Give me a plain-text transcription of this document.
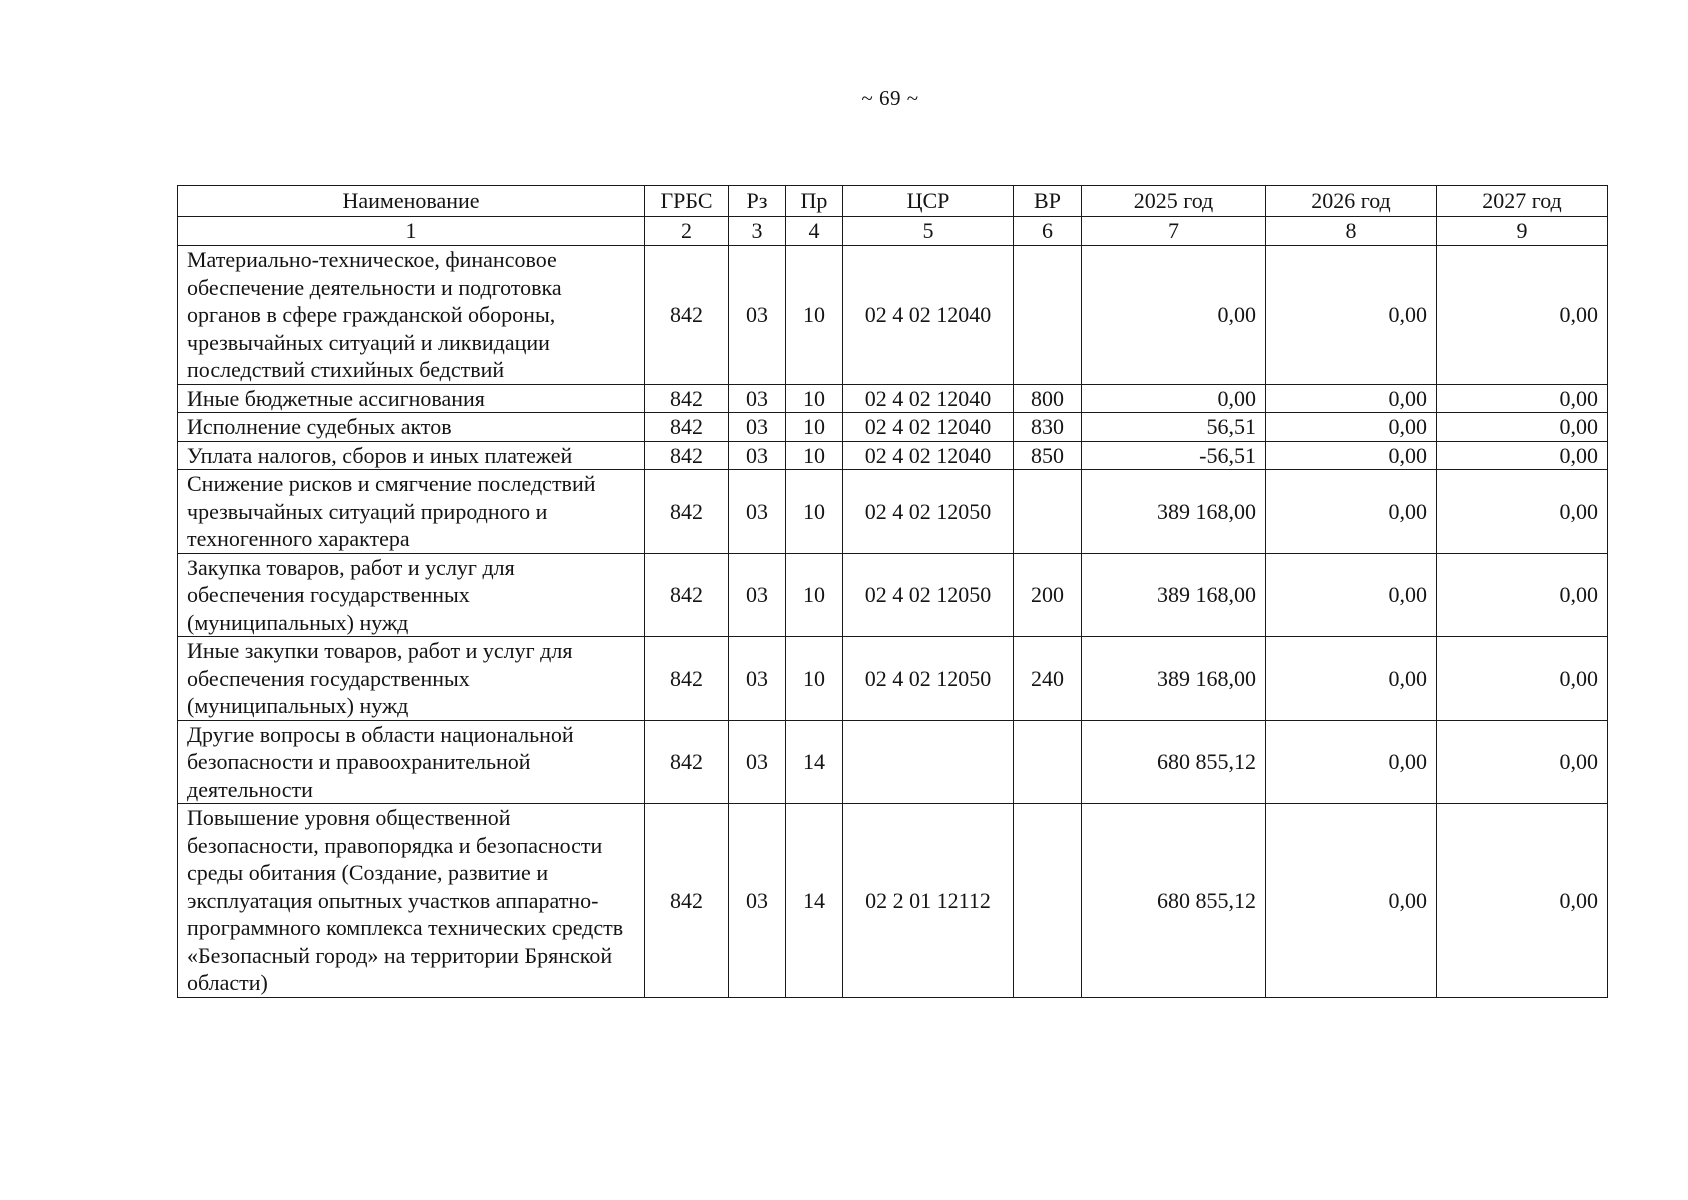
~ 69 ~
Наименование	ГРБС	Рз	Пр	ЦСР	ВР	2025 год	2026 год	2027 год
1	2	3	4	5	6	7	8	9
Материально-техническое, финансовое обеспечение деятельности и подготовка органов в сфере гражданской обороны, чрезвычайных ситуаций и ликвидации последствий стихийных бедствий	842	03	10	02 4 02 12040		0,00	0,00	0,00
Иные бюджетные ассигнования	842	03	10	02 4 02 12040	800	0,00	0,00	0,00
Исполнение судебных актов	842	03	10	02 4 02 12040	830	56,51	0,00	0,00
Уплата налогов, сборов и иных платежей	842	03	10	02 4 02 12040	850	-56,51	0,00	0,00
Снижение рисков и смягчение последствий чрезвычайных ситуаций природного и техногенного характера	842	03	10	02 4 02 12050		389 168,00	0,00	0,00
Закупка товаров, работ и услуг для обеспечения государственных (муниципальных) нужд	842	03	10	02 4 02 12050	200	389 168,00	0,00	0,00
Иные закупки товаров, работ и услуг для обеспечения государственных (муниципальных) нужд	842	03	10	02 4 02 12050	240	389 168,00	0,00	0,00
Другие вопросы в области национальной безопасности и правоохранительной деятельности	842	03	14			680 855,12	0,00	0,00
Повышение уровня общественной безопасности, правопорядка и безопасности среды обитания (Создание, развитие и эксплуатация опытных участков аппаратно-программного комплекса технических средств «Безопасный город» на территории Брянской области)	842	03	14	02 2 01 12112		680 855,12	0,00	0,00
